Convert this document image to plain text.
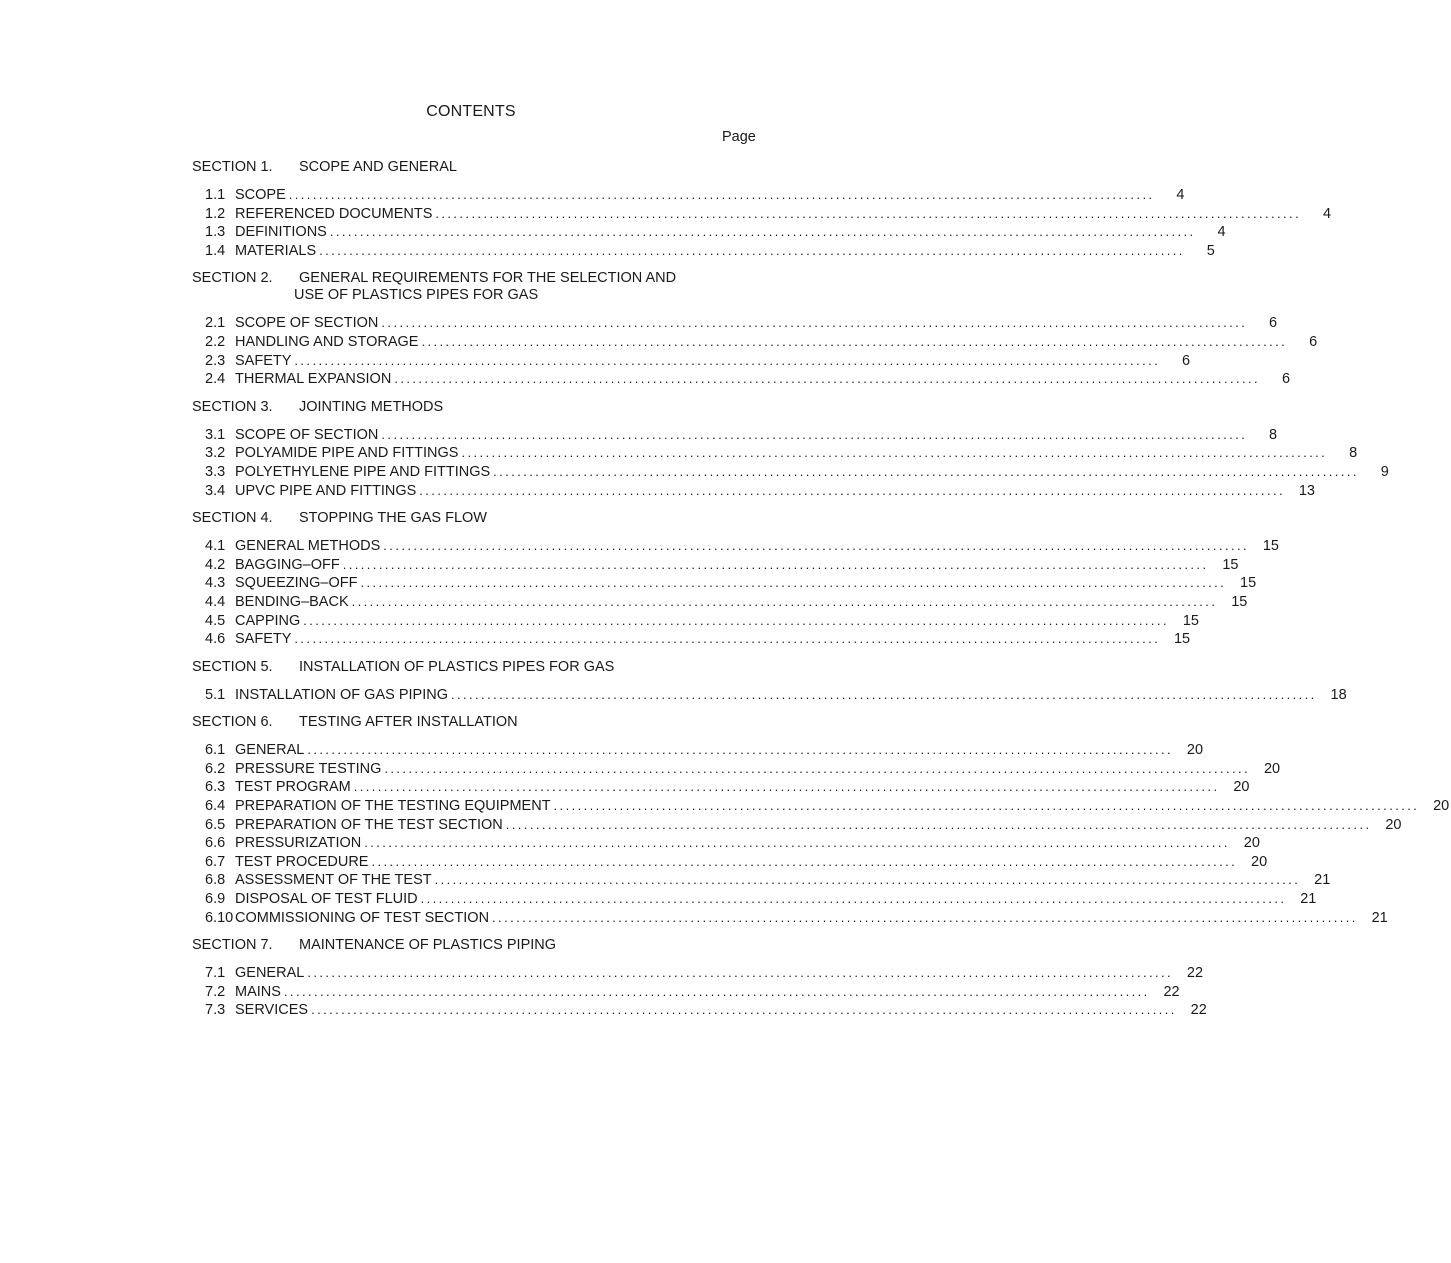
CONTENTS
Page
SECTION 1.	SCOPE AND GENERAL
1.1 SCOPE ................................................................................................................................................	4
1.2 REFERENCED DOCUMENTS ................................................................................................................................................	4
1.3 DEFINITIONS ................................................................................................................................................	4
1.4 MATERIALS ................................................................................................................................................	5
SECTION 2.	GENERAL REQUIREMENTS FOR THE SELECTION AND
USE OF PLASTICS PIPES FOR GAS
2.1 SCOPE OF SECTION ................................................................................................................................................	6
2.2 HANDLING AND STORAGE ................................................................................................................................................	6
2.3 SAFETY ................................................................................................................................................	6
2.4 THERMAL EXPANSION ................................................................................................................................................	6
SECTION 3.	JOINTING METHODS
3.1 SCOPE OF SECTION ................................................................................................................................................	8
3.2 POLYAMIDE PIPE AND FITTINGS ................................................................................................................................................	8
3.3 POLYETHYLENE PIPE AND FITTINGS ................................................................................................................................................	9
3.4 UPVC PIPE AND FITTINGS ................................................................................................................................................ 13
SECTION 4.	STOPPING THE GAS FLOW
4.1 GENERAL METHODS ................................................................................................................................................ 15
4.2 BAGGING–OFF ................................................................................................................................................ 15
4.3 SQUEEZING–OFF ................................................................................................................................................ 15
4.4 BENDING–BACK ................................................................................................................................................ 15
4.5 CAPPING ................................................................................................................................................ 15
4.6 SAFETY ................................................................................................................................................ 15
SECTION 5.	INSTALLATION OF PLASTICS PIPES FOR GAS
5.1 INSTALLATION OF GAS PIPING ................................................................................................................................................ 18
SECTION 6.	TESTING AFTER INSTALLATION
6.1 GENERAL ................................................................................................................................................ 20
6.2 PRESSURE TESTING ................................................................................................................................................ 20
6.3 TEST PROGRAM ................................................................................................................................................ 20
6.4 PREPARATION OF THE TESTING EQUIPMENT ................................................................................................................................................ 20
6.5 PREPARATION OF THE TEST SECTION ................................................................................................................................................ 20
6.6 PRESSURIZATION ................................................................................................................................................ 20
6.7 TEST PROCEDURE ................................................................................................................................................ 20
6.8 ASSESSMENT OF THE TEST ................................................................................................................................................ 21
6.9 DISPOSAL OF TEST FLUID ................................................................................................................................................ 21
6.10 COMMISSIONING OF TEST SECTION ................................................................................................................................................ 21
SECTION 7.	MAINTENANCE OF PLASTICS PIPING
7.1 GENERAL ................................................................................................................................................ 22
7.2 MAINS ................................................................................................................................................ 22
7.3 SERVICES ................................................................................................................................................ 22
